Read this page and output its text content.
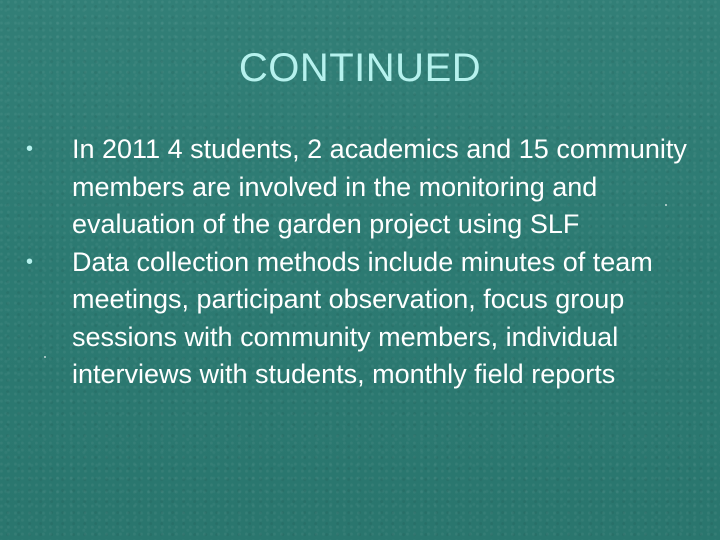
CONTINUED
• In 2011 4 students, 2 academics and 15 community members are involved in the monitoring and evaluation of the garden project using SLF
• Data collection methods include minutes of team meetings, participant observation, focus group sessions with community members, individual interviews with students, monthly field reports
